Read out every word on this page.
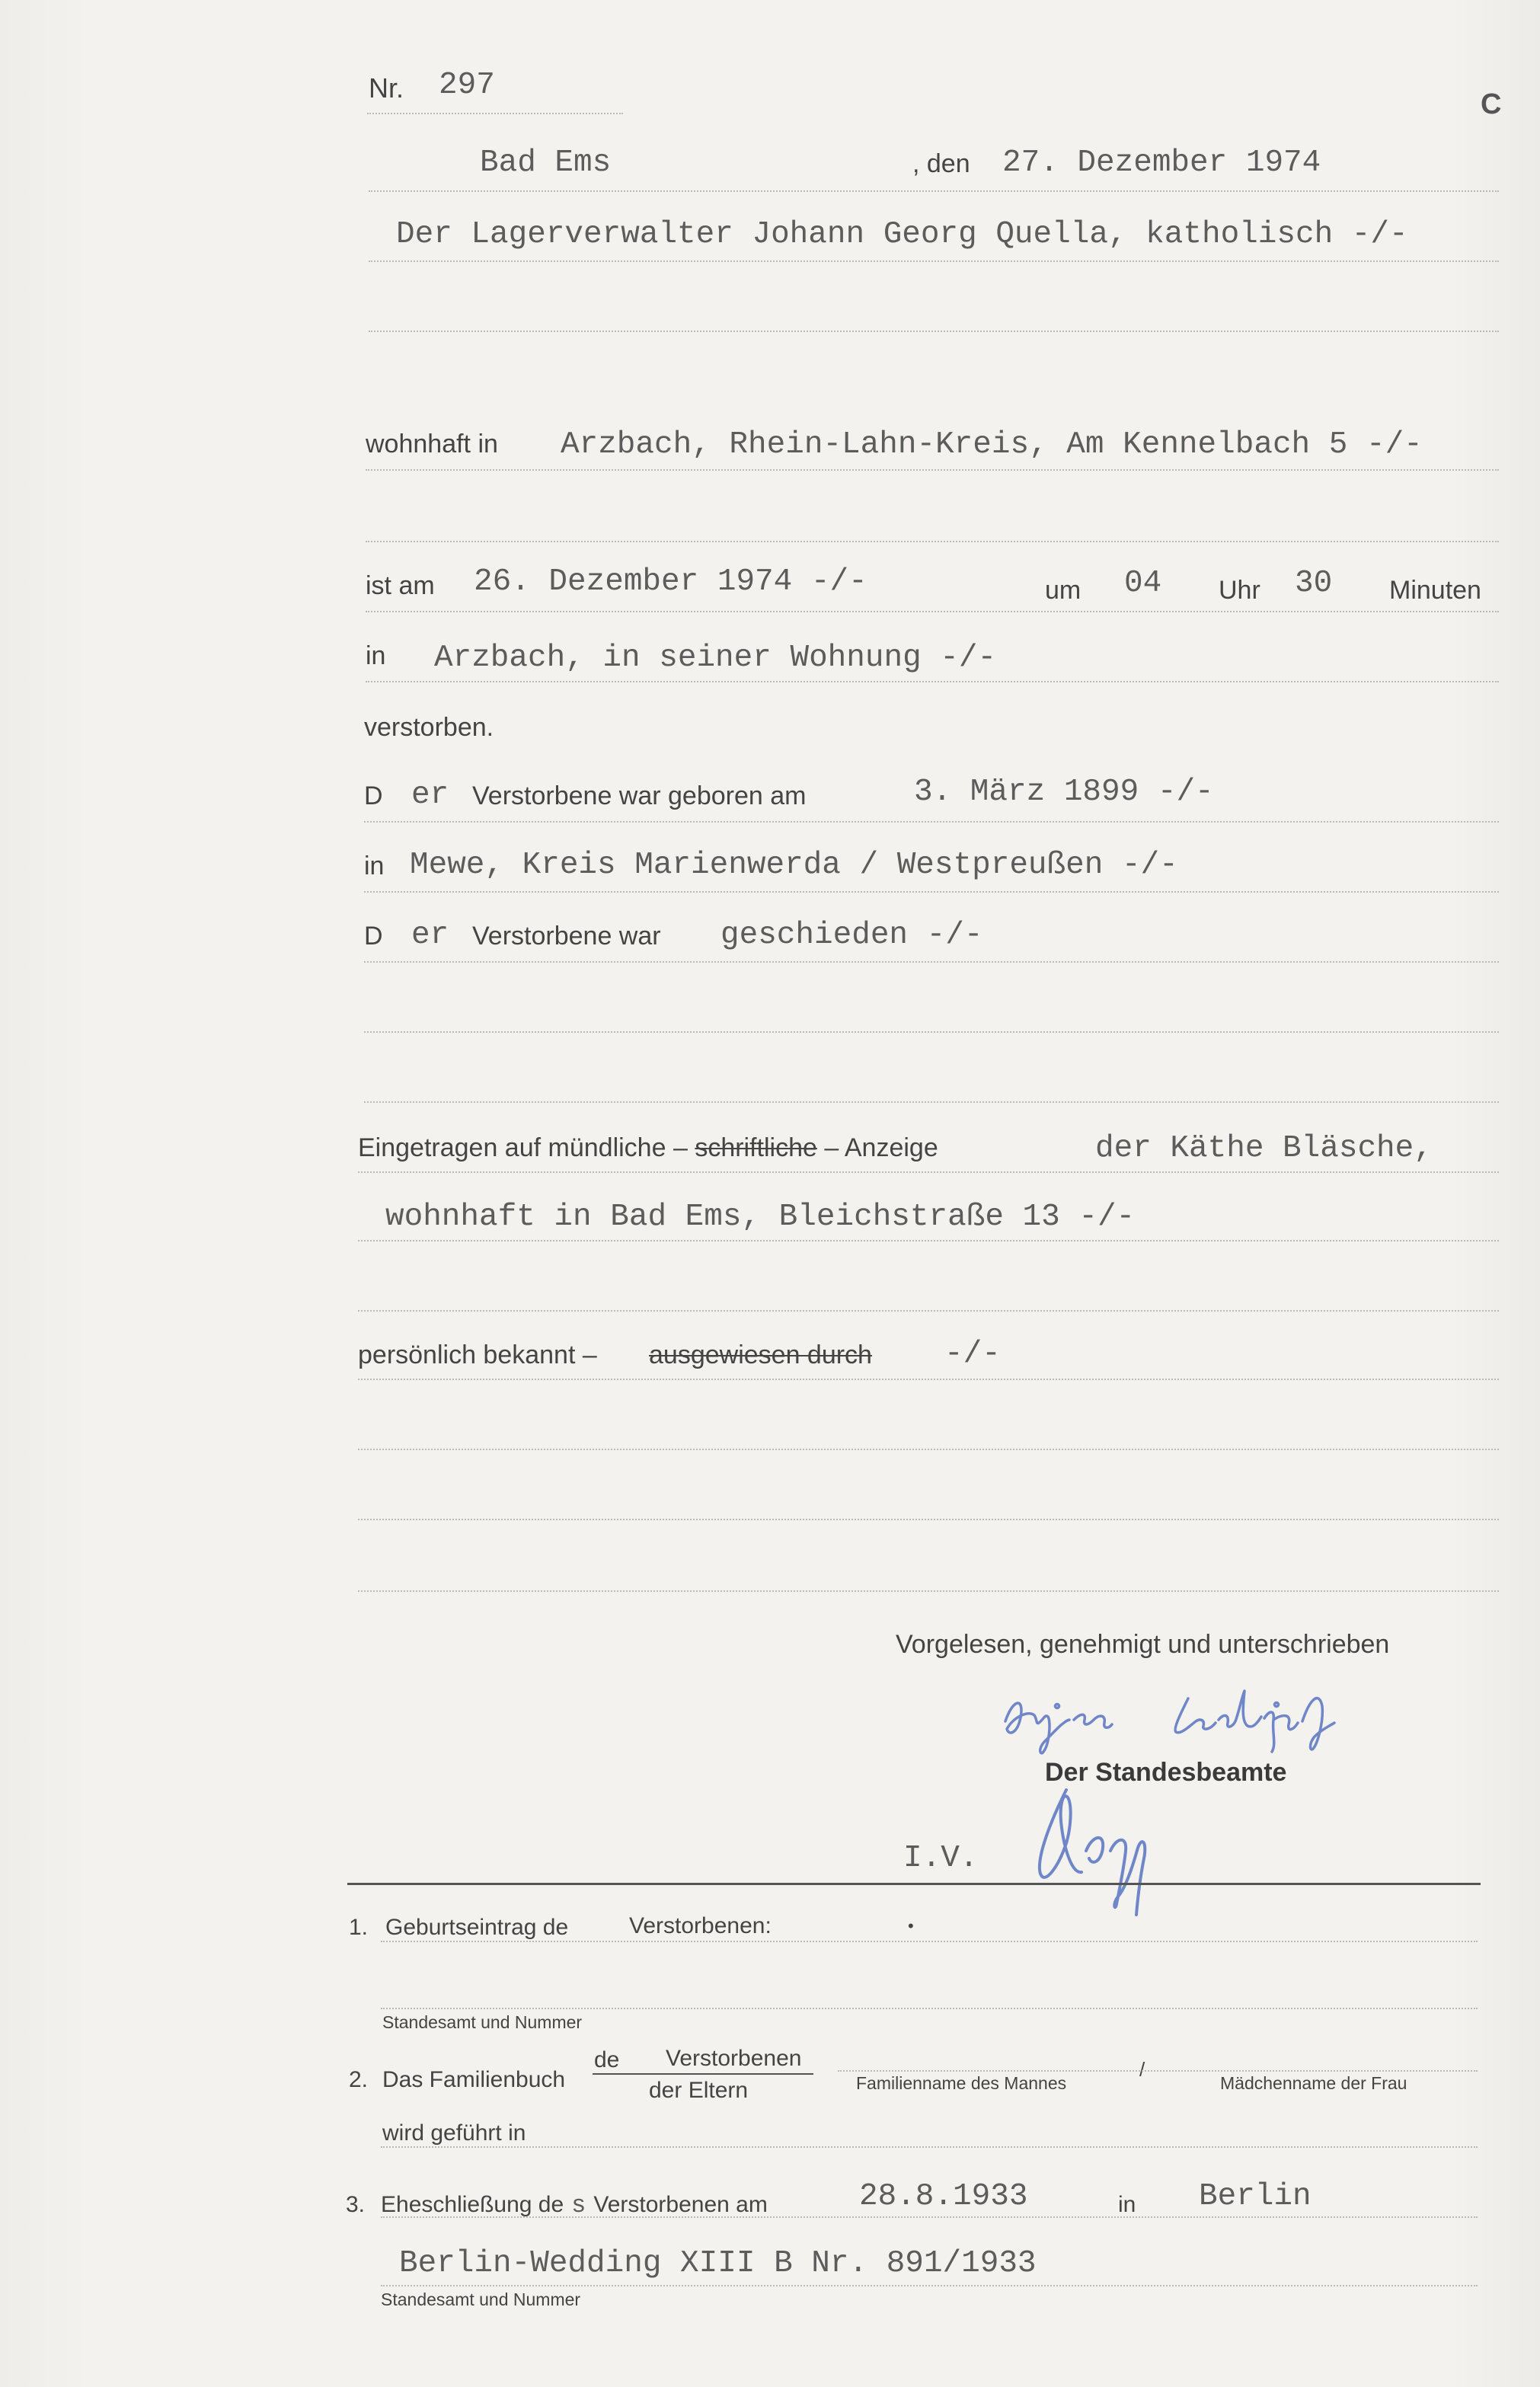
Nr. 297
C
Bad Ems	, den 27. Dezember 1974
Der Lagerverwalter Johann Georg Quella, katholisch -/-
wohnhaft in Arzbach, Rhein-Lahn-Kreis, Am Kennelbach 5 -/-
ist am 26. Dezember 1974 -/-	um 04 Uhr 30 Minuten
in Arzbach, in seiner Wohnung -/-
verstorben.
D er Verstorbene war geboren am	3. März 1899 -/-
in Mewe, Kreis Marienwerda / Westpreußen -/-
D er Verstorbene war geschieden -/-
Eingetragen auf mündliche – schriftliche – Anzeige	der Käthe Bläsche,
wohnhaft in Bad Ems, Bleichstraße 13 -/-
persönlich bekannt – ausgewiesen durch -/-
Vorgelesen, genehmigt und unterschrieben
Der Standesbeamte
I.V.
1. Geburtseintrag de	Verstorbenen:	•
Standesamt und Nummer
2. Das Familienbuch
de Verstorbenen
der Eltern	Familienname des Mannes
/
Mädchenname der Frau
wird geführt in
3. Eheschließung de s Verstorbenen am	28.8.1933	in Berlin
Berlin-Wedding XIII B Nr. 891/1933
Standesamt und Nummer
